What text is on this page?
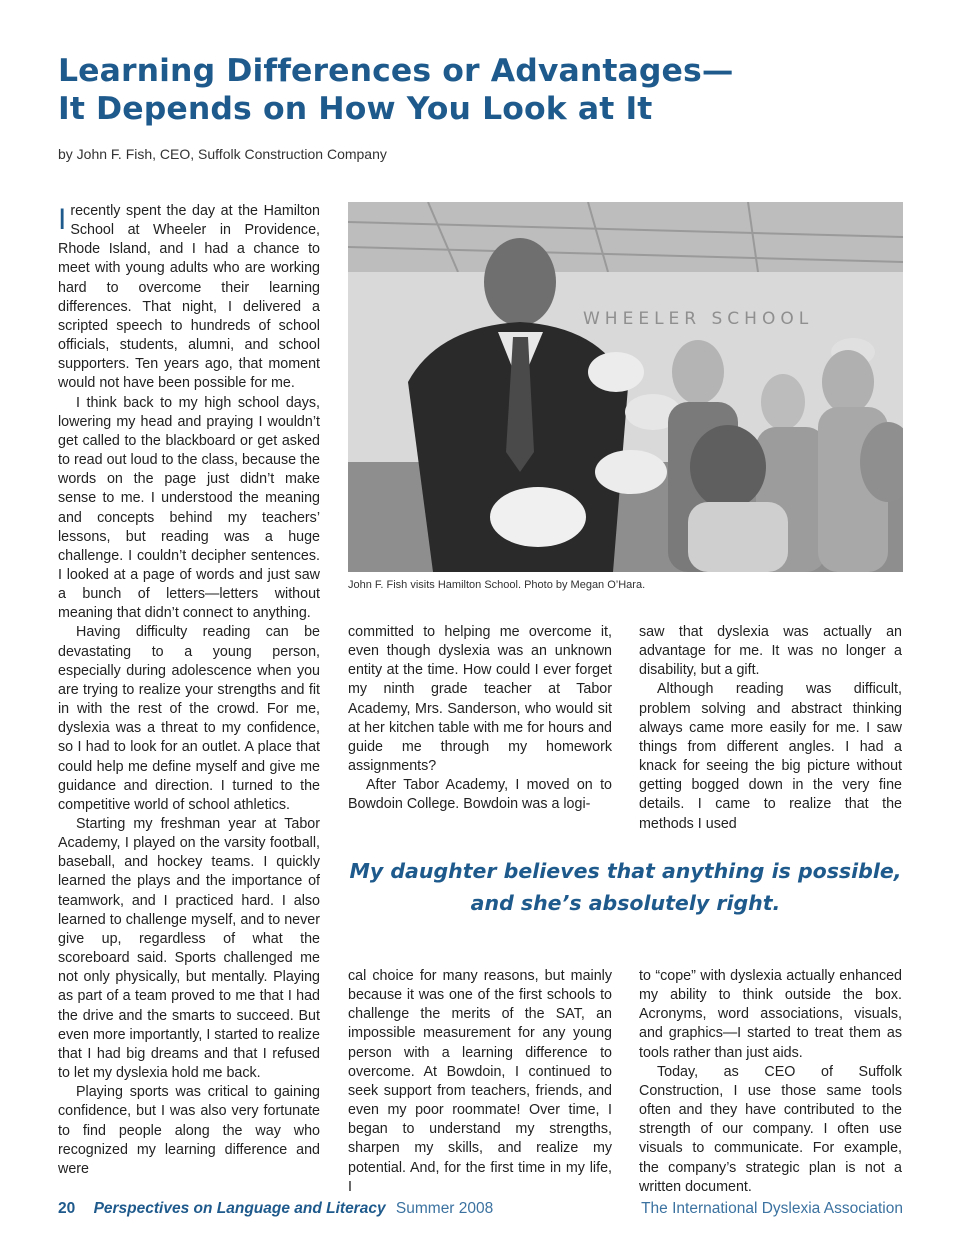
Learning Differences or Advantages—
It Depends on How You Look at It
by John F. Fish, CEO, Suffolk Construction Company

Irecently spent the day at the Hamilton School at Wheeler in Providence, Rhode Island, and I had a chance to meet with young adults who are working hard to overcome their learning differences. That night, I delivered a scripted speech to hundreds of school officials, students, alumni, and school supporters. Ten years ago, that moment would not have been possible for me.

I think back to my high school days, lowering my head and praying I wouldn’t get called to the blackboard or get asked to read out loud to the class, because the words on the page just didn’t make sense to me. I understood the meaning and concepts behind my teachers’ lessons, but reading was a huge challenge. I couldn’t decipher sentences. I looked at a page of words and just saw a bunch of letters—letters without meaning that didn’t connect to anything.

Having difficulty reading can be devastating to a young person, especially during adolescence when you are trying to realize your strengths and fit in with the rest of the crowd. For me, dyslexia was a threat to my confidence, so I had to look for an outlet. A place that could help me define myself and give me guidance and direction. I turned to the competitive world of school athletics.

Starting my freshman year at Tabor Academy, I played on the varsity football, baseball, and hockey teams. I quickly learned the plays and the importance of teamwork, and I practiced hard. I also learned to challenge myself, and to never give up, regardless of what the scoreboard said. Sports challenged me not only physically, but mentally. Playing as part of a team proved to me that I had the drive and the smarts to succeed. But even more importantly, I started to realize that I had big dreams and that I refused to let my dyslexia hold me back.

Playing sports was critical to gaining confidence, but I was also very fortunate to find people along the way who recognized my learning difference and were

WHEELER SCHOOL
John F. Fish visits Hamilton School. Photo by Megan O’Hara.

committed to helping me overcome it, even though dyslexia was an unknown entity at the time. How could I ever forget my ninth grade teacher at Tabor Academy, Mrs. Sanderson, who would sit at her kitchen table with me for hours and guide me through my homework assignments?

After Tabor Academy, I moved on to Bowdoin College. Bowdoin was a logi-

saw that dyslexia was actually an advantage for me. It was no longer a disability, but a gift.

Although reading was difficult, problem solving and abstract thinking always came more easily for me. I saw things from different angles. I had a knack for seeing the big picture without getting bogged down in the very fine details. I came to realize that the methods I used

My daughter believes that anything is possible,
and she’s absolutely right.

cal choice for many reasons, but mainly because it was one of the first schools to challenge the merits of the SAT, an impossible measurement for any young person with a learning difference to overcome. At Bowdoin, I continued to seek support from teachers, friends, and even my poor roommate! Over time, I began to understand my strengths, sharpen my skills, and realize my potential. And, for the first time in my life, I

to “cope” with dyslexia actually enhanced my ability to think outside the box. Acronyms, word associations, visuals, and graphics—I started to treat them as tools rather than just aids.

Today, as CEO of Suffolk Construction, I use those same tools often and they have contributed to the strength of our company. I often use visuals to communicate. For example, the company’s strategic plan is not a written document.

20 Perspectives on Language and Literacy Summer 2008	The International Dyslexia Association
